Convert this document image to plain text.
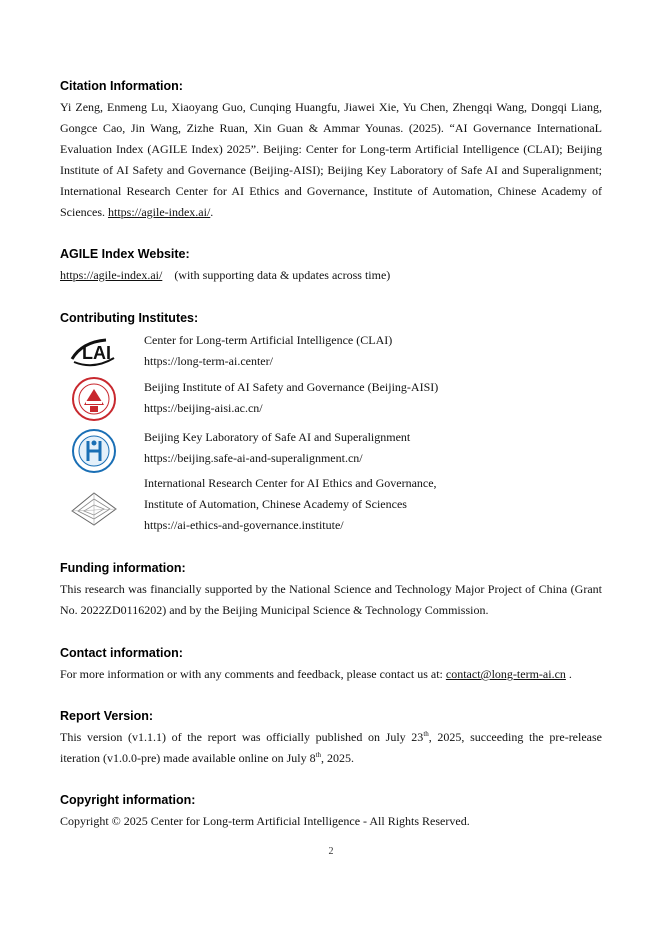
Citation Information:

Yi Zeng, Enmeng Lu, Xiaoyang Guo, Cunqing Huangfu, Jiawei Xie, Yu Chen, Zhengqi Wang, Dongqi Liang, Gongce Cao, Jin Wang, Zizhe Ruan, Xin Guan & Ammar Younas. (2025). “AI Governance InternationaL Evaluation Index (AGILE Index) 2025”. Beijing: Center for Long-term Artificial Intelligence (CLAI); Beijing Institute of AI Safety and Governance (Beijing-AISI); Beijing Key Laboratory of Safe AI and Superalignment; International Research Center for AI Ethics and Governance, Institute of Automation, Chinese Academy of Sciences. https://agile-index.ai/.

AGILE Index Website:

https://agile-index.ai/ (with supporting data & updates across time)

Contributing Institutes:

LAI
Center for Long-term Artificial Intelligence (CLAI)
https://long-term-ai.center/
Beijing Institute of AI Safety and Governance (Beijing-AISI)
https://beijing-aisi.ac.cn/
Beijing Key Laboratory of Safe AI and Superalignment
https://beijing.safe-ai-and-superalignment.cn/
International Research Center for AI Ethics and Governance,
Institute of Automation, Chinese Academy of Sciences
https://ai-ethics-and-governance.institute/

Funding information:

This research was financially supported by the National Science and Technology Major Project of China (Grant No. 2022ZD0116202) and by the Beijing Municipal Science & Technology Commission.

Contact information:

For more information or with any comments and feedback, please contact us at: contact@long-term-ai.cn .

Report Version:

This version (v1.1.1) of the report was officially published on July 23th, 2025, succeeding the pre-release iteration (v1.0.0-pre) made available online on July 8th, 2025.

Copyright information:

Copyright © 2025 Center for Long-term Artificial Intelligence - All Rights Reserved.

2
